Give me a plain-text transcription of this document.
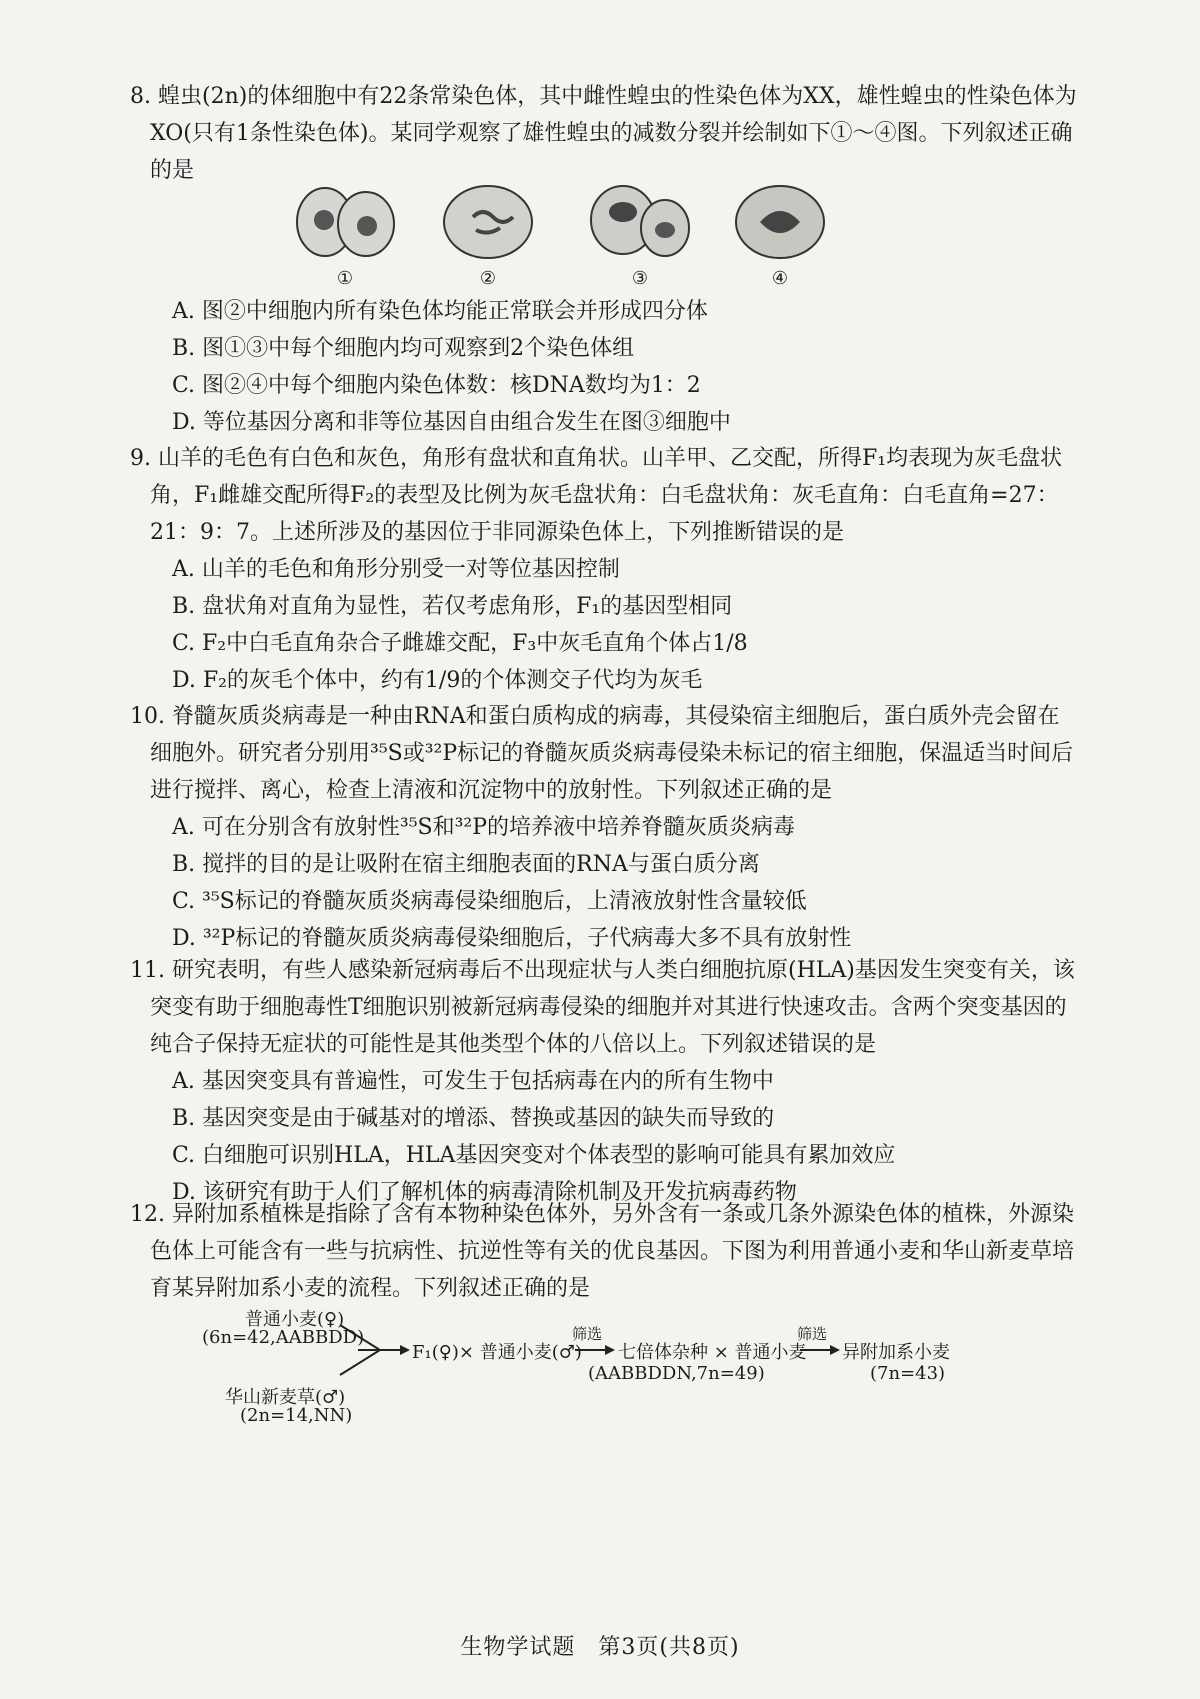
8. 蝗虫(2n)的体细胞中有22条常染色体，其中雌性蝗虫的性染色体为XX，雄性蝗虫的性染色体为XO(只有1条性染色体)。某同学观察了雄性蝗虫的减数分裂并绘制如下①～④图。下列叙述正确的是

①	②	③	④

A. 图②中细胞内所有染色体均能正常联会并形成四分体

B. 图①③中每个细胞内均可观察到2个染色体组

C. 图②④中每个细胞内染色体数：核DNA数均为1：2

D. 等位基因分离和非等位基因自由组合发生在图③细胞中

9. 山羊的毛色有白色和灰色，角形有盘状和直角状。山羊甲、乙交配，所得F₁均表现为灰毛盘状角，F₁雌雄交配所得F₂的表型及比例为灰毛盘状角：白毛盘状角：灰毛直角：白毛直角=27：21：9：7。上述所涉及的基因位于非同源染色体上，下列推断错误的是

A. 山羊的毛色和角形分别受一对等位基因控制

B. 盘状角对直角为显性，若仅考虑角形，F₁的基因型相同

C. F₂中白毛直角杂合子雌雄交配，F₃中灰毛直角个体占1/8

D. F₂的灰毛个体中，约有1/9的个体测交子代均为灰毛

10. 脊髓灰质炎病毒是一种由RNA和蛋白质构成的病毒，其侵染宿主细胞后，蛋白质外壳会留在细胞外。研究者分别用³⁵S或³²P标记的脊髓灰质炎病毒侵染未标记的宿主细胞，保温适当时间后进行搅拌、离心，检查上清液和沉淀物中的放射性。下列叙述正确的是

A. 可在分别含有放射性³⁵S和³²P的培养液中培养脊髓灰质炎病毒

B. 搅拌的目的是让吸附在宿主细胞表面的RNA与蛋白质分离

C. ³⁵S标记的脊髓灰质炎病毒侵染细胞后，上清液放射性含量较低

D. ³²P标记的脊髓灰质炎病毒侵染细胞后，子代病毒大多不具有放射性

11. 研究表明，有些人感染新冠病毒后不出现症状与人类白细胞抗原(HLA)基因发生突变有关，该突变有助于细胞毒性T细胞识别被新冠病毒侵染的细胞并对其进行快速攻击。含两个突变基因的纯合子保持无症状的可能性是其他类型个体的八倍以上。下列叙述错误的是

A. 基因突变具有普遍性，可发生于包括病毒在内的所有生物中

B. 基因突变是由于碱基对的增添、替换或基因的缺失而导致的

C. 白细胞可识别HLA，HLA基因突变对个体表型的影响可能具有累加效应

D. 该研究有助于人们了解机体的病毒清除机制及开发抗病毒药物

12. 异附加系植株是指除了含有本物种染色体外，另外含有一条或几条外源染色体的植株，外源染色体上可能含有一些与抗病性、抗逆性等有关的优良基因。下图为利用普通小麦和华山新麦草培育某异附加系小麦的流程。下列叙述正确的是

普通小麦(♀)
(6n=42,AABBDD)
华山新麦草(♂)
(2n=14,NN)
F₁(♀)× 普通小麦(♂)
筛选
七倍体杂种 × 普通小麦
(AABBDDN,7n=49)
筛选
异附加系小麦
(7n=43)
生物学试题　第3页(共8页)
